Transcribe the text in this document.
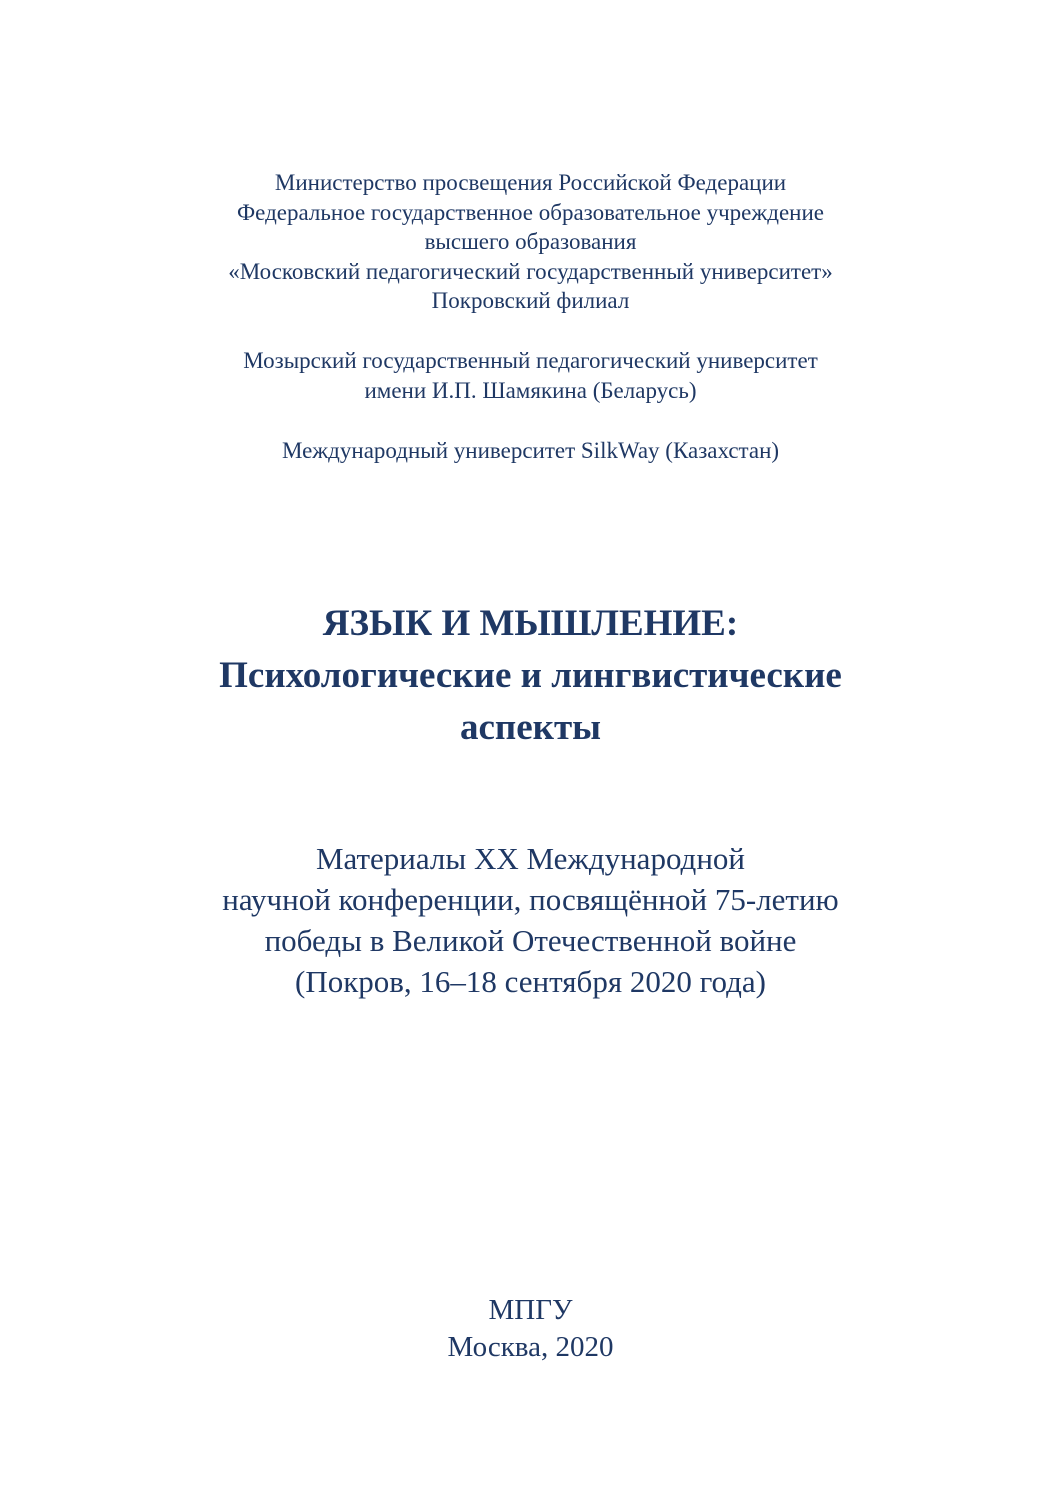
Министерство просвещения Российской Федерации
Федеральное государственное образовательное учреждение
высшего образования
«Московский педагогический государственный университет»
Покровский филиал
Мозырский государственный педагогический университет
имени И.П. Шамякина (Беларусь)
Международный университет SilkWay (Казахстан)
ЯЗЫК И МЫШЛЕНИЕ:
Психологические и лингвистические
аспекты
Материалы XX Международной
научной конференции, посвящённой 75-летию
победы в Великой Отечественной войне
(Покров, 16–18 сентября 2020 года)
МПГУ
Москва, 2020
